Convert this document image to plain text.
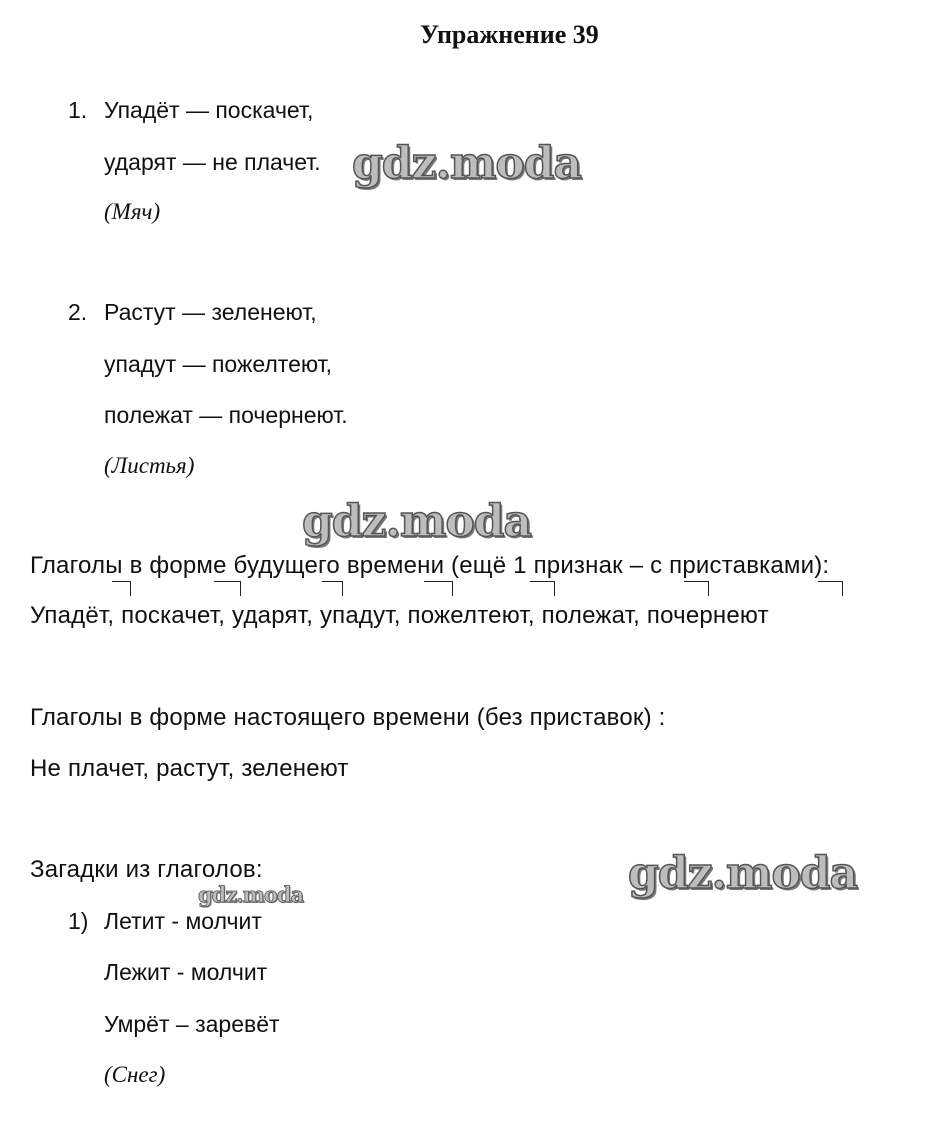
Упражнение 39
1. Упадёт — поскачет,
ударят — не плачет.
(Мяч)
2. Растут — зеленеют,
упадут — пожелтеют,
полежат — почернеют.
(Листья)
Глаголы в форме будущего времени (ещё 1 признак – с приставками):
Упадёт, поскачет, ударят, упадут, пожелтеют, полежат, почернеют
Глаголы в форме настоящего времени (без приставок) :
Не плачет, растут, зеленеют
Загадки из глаголов:
1) Летит - молчит
Лежит - молчит
Умрёт – заревёт
(Снег)
gdz.moda
gdz.moda
gdz.moda
gdz.moda
